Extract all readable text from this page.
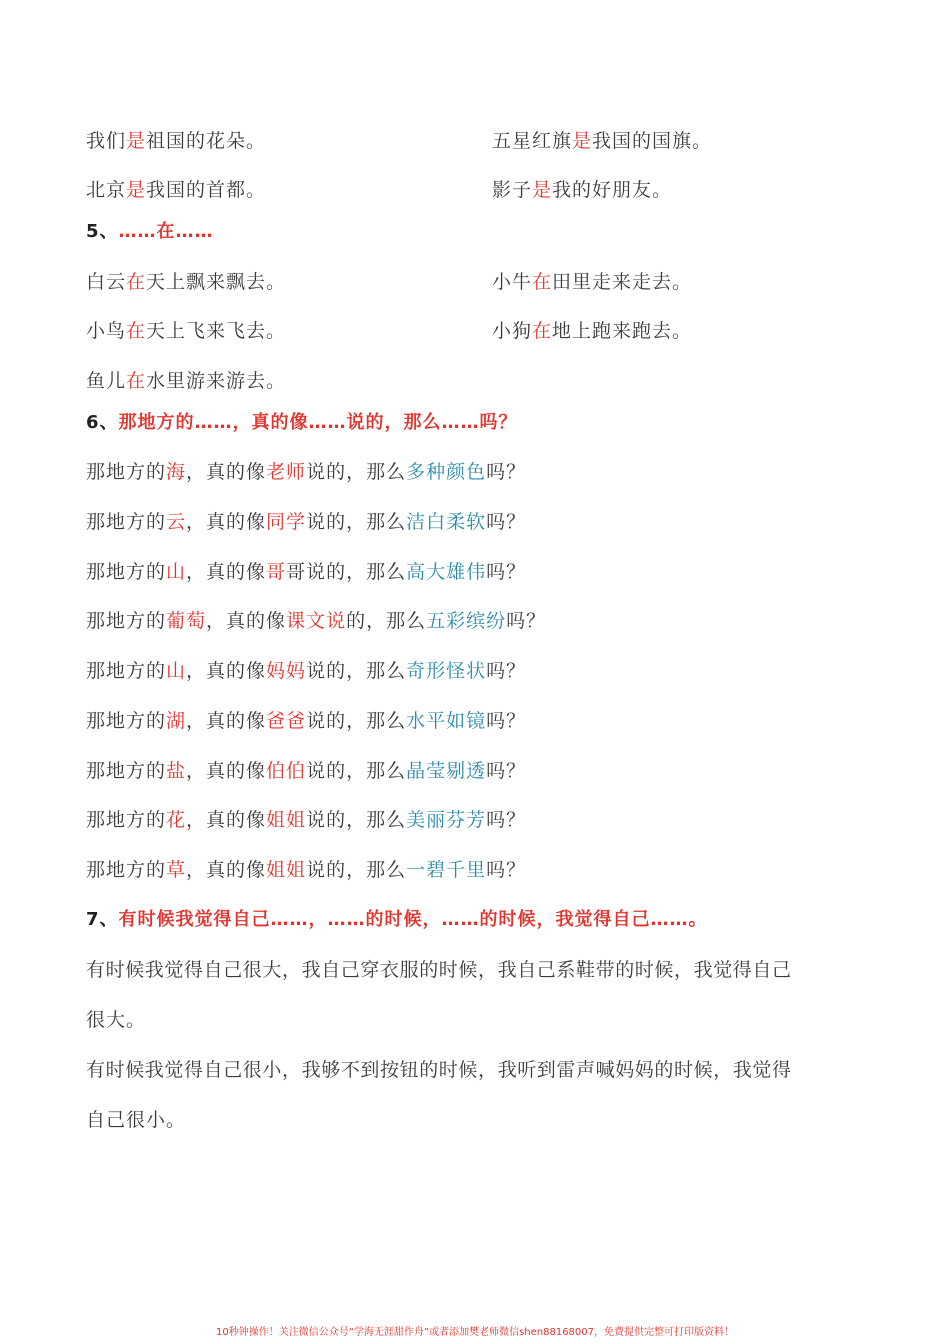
我们是祖国的花朵。	五星红旗是我国的国旗。
北京是我国的首都。	影子是我的好朋友。
5、……在……
白云在天上飘来飘去。	小牛在田里走来走去。
小鸟在天上飞来飞去。	小狗在地上跑来跑去。
鱼儿在水里游来游去。
6、那地方的……，真的像……说的，那么……吗？
那地方的海，真的像老师说的，那么多种颜色吗？
那地方的云，真的像同学说的，那么洁白柔软吗？
那地方的山，真的像哥哥说的，那么高大雄伟吗？
那地方的葡萄，真的像课文说的，那么五彩缤纷吗？
那地方的山，真的像妈妈说的，那么奇形怪状吗？
那地方的湖，真的像爸爸说的，那么水平如镜吗？
那地方的盐，真的像伯伯说的，那么晶莹剔透吗？
那地方的花，真的像姐姐说的，那么美丽芬芳吗？
那地方的草，真的像姐姐说的，那么一碧千里吗？
7、有时候我觉得自己……，……的时候，……的时候，我觉得自己……。
有时候我觉得自己很大，我自己穿衣服的时候，我自己系鞋带的时候，我觉得自己
很大。
有时候我觉得自己很小，我够不到按钮的时候，我听到雷声喊妈妈的时候，我觉得
自己很小。
10秒钟操作！关注微信公众号“学海无涯甜作舟”或者添加樊老师微信shen88168007，免费提供完整可打印版资料！
